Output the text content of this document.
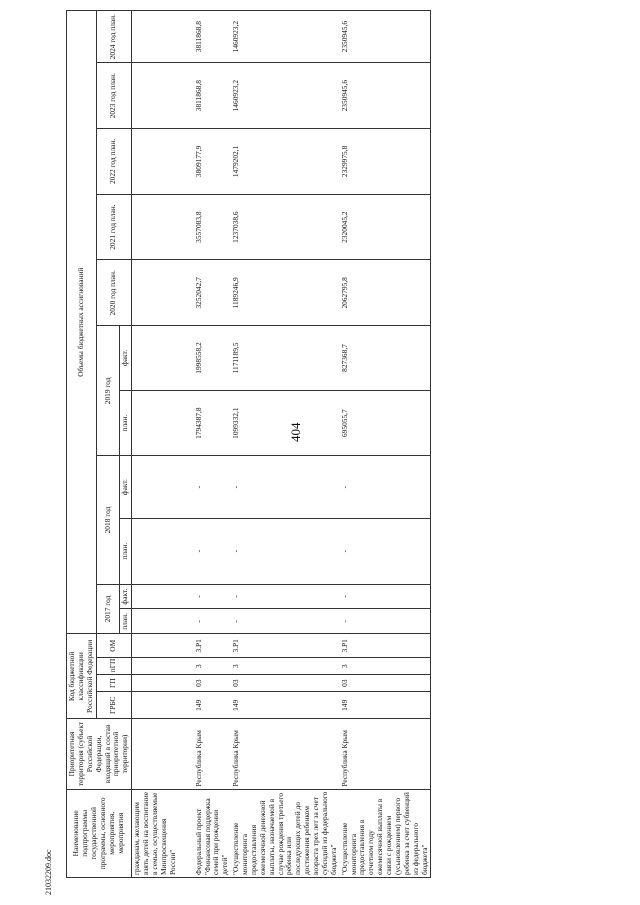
404
21032209.doc
Наименование подпрограммы государственной программы, основного мероприятия, мероприятия	Приоритетная территория (субъект Российской Федерации, входящий в состав приоритетной территории)	Код бюджетной классификации Российской Федерации				Объемы бюджетных ассигнований										
		ГРБС	ГП	пГП	ОМ	2017 год		2018 год		2019 год		2020 год план.	2021 год план.	2022 год план.	2023 год план.	2024 год план.
						план.	факт.	план.	факт.	план.	факт.					
гражданам, желающим взять детей на воспитание в семью, осуществляемые Минпросвещения России"																
Федеральный проект "Финансовая поддержка семей при рождении детей"	Республика Крым	149	03	3	3.P1	-	-	-	-	1794387,8	1998558,2	3252042,7	3557083,8	3809177,9	3811868,8	3811868,8
"Осуществление мониторинга предоставления ежемесячной денежной выплаты, назначаемой в случае рождения третьего ребенка или последующих детей до достижения ребенком возраста трех лет за счет субсидий из федерального бюджета"	Республика Крым	149	03	3	3.P1	-	-	-	-	1099332,1	1171189,5	1189246,9	1237038,6	1479202,1	1460923,2	1460923,2
"Осуществление мониторинга предоставления в отчетном году ежемесячной выплаты в связи с рождением (усыновлением) первого ребенка за счет субвенций из федерального бюджета"	Республика Крым	149	03	3	3.P1	-	-	-	-	695055,7	827368,7	2062795,8	2320045,2	2329975,8	2350945,6	2350945,6
